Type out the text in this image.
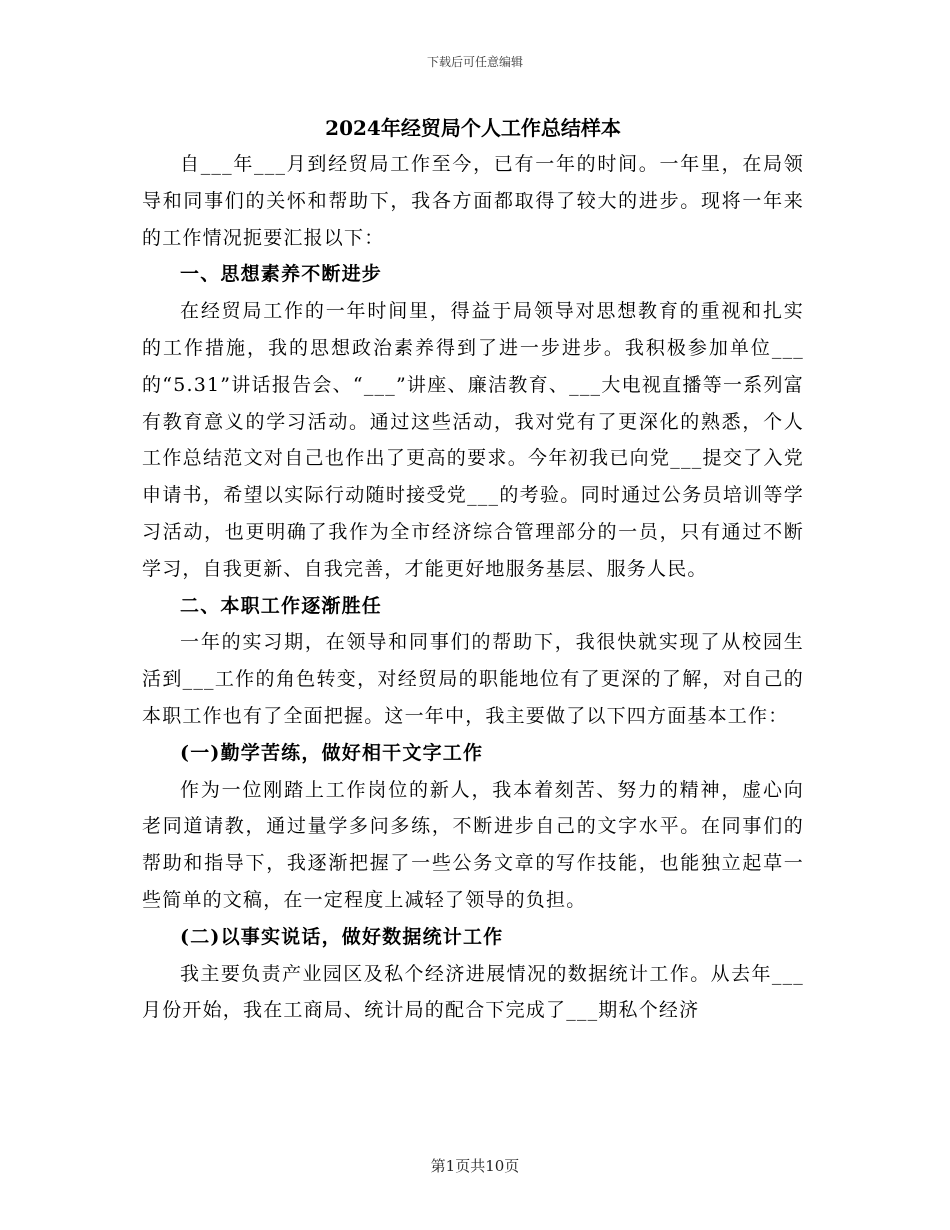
下载后可任意编辑
2024年经贸局个人工作总结样本

自___年___月到经贸局工作至今，已有一年的时间。一年里，在局领导和同事们的关怀和帮助下，我各方面都取得了较大的进步。现将一年来的工作情况扼要汇报以下：

一、思想素养不断进步

在经贸局工作的一年时间里，得益于局领导对思想教育的重视和扎实的工作措施，我的思想政治素养得到了进一步进步。我积极参加单位___的“5.31”讲话报告会、“___”讲座、廉洁教育、___大电视直播等一系列富有教育意义的学习活动。通过这些活动，我对党有了更深化的熟悉，个人工作总结范文对自己也作出了更高的要求。今年初我已向党___提交了入党申请书，希望以实际行动随时接受党___的考验。同时通过公务员培训等学习活动，也更明确了我作为全市经济综合管理部分的一员，只有通过不断学习，自我更新、自我完善，才能更好地服务基层、服务人民。

二、本职工作逐渐胜任

一年的实习期，在领导和同事们的帮助下，我很快就实现了从校园生活到___工作的角色转变，对经贸局的职能地位有了更深的了解，对自己的本职工作也有了全面把握。这一年中，我主要做了以下四方面基本工作：

(一)勤学苦练，做好相干文字工作

作为一位刚踏上工作岗位的新人，我本着刻苦、努力的精神，虚心向老同道请教，通过量学多问多练，不断进步自己的文字水平。在同事们的帮助和指导下，我逐渐把握了一些公务文章的写作技能，也能独立起草一些简单的文稿，在一定程度上减轻了领导的负担。

(二)以事实说话，做好数据统计工作

我主要负责产业园区及私个经济进展情况的数据统计工作。从去年___月份开始，我在工商局、统计局的配合下完成了___期私个经济

第1页共10页
